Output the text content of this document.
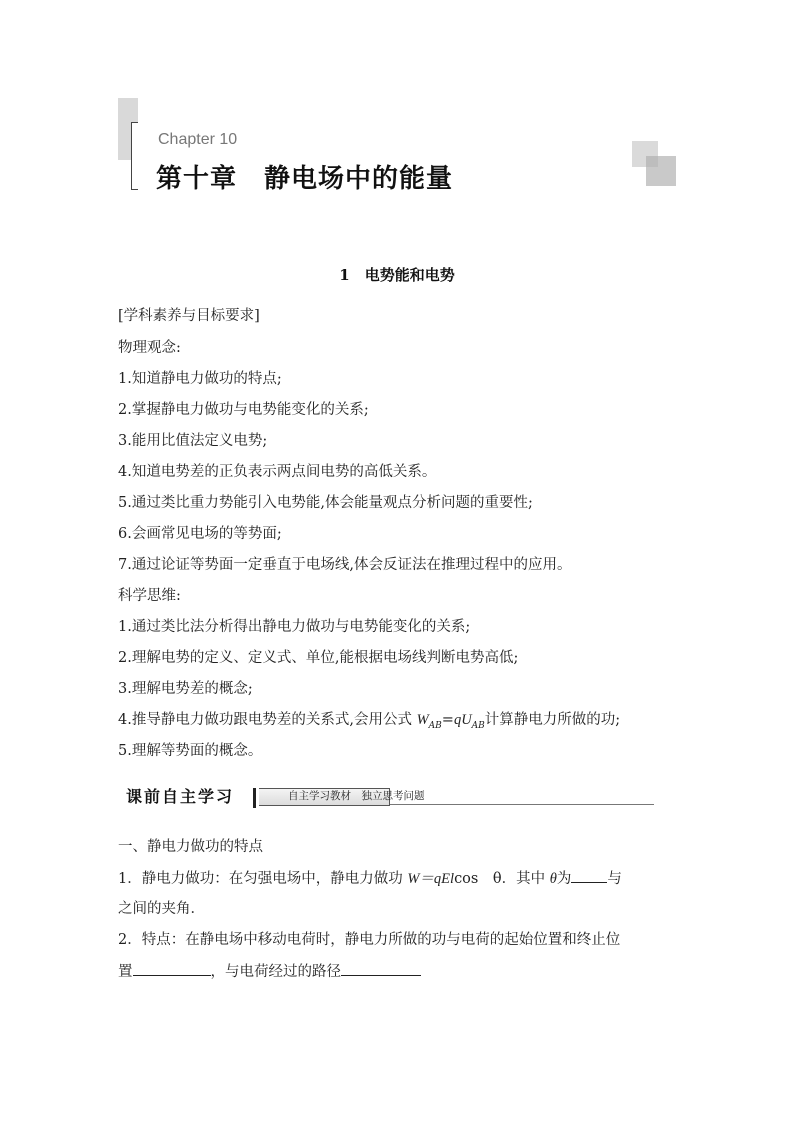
Chapter 10
第十章　静电场中的能量
1　电势能和电势
[学科素养与目标要求]
物理观念:
1.知道静电力做功的特点;
2.掌握静电力做功与电势能变化的关系;
3.能用比值法定义电势;
4.知道电势差的正负表示两点间电势的高低关系。
5.通过类比重力势能引入电势能,体会能量观点分析问题的重要性;
6.会画常见电场的等势面;
7.通过论证等势面一定垂直于电场线,体会反证法在推理过程中的应用。
科学思维:
1.通过类比法分析得出静电力做功与电势能变化的关系;
2.理解电势的定义、定义式、单位,能根据电场线判断电势高低;
3.理解电势差的概念;
4.推导静电力做功跟电势差的关系式,会用公式 $W_{AB}=qU_{AB}$计算静电力所做的功;
5.理解等势面的概念。
课前自主学习	自主学习教材　独立思考问题
一、静电力做功的特点
1．静电力做功：在匀强电场中，静电力做功 W＝qElcos　θ．其中 θ为 与
之间的夹角．
2．特点：在静电场中移动电荷时，静电力所做的功与电荷的起始位置和终止位
置	，与电荷经过的路径
